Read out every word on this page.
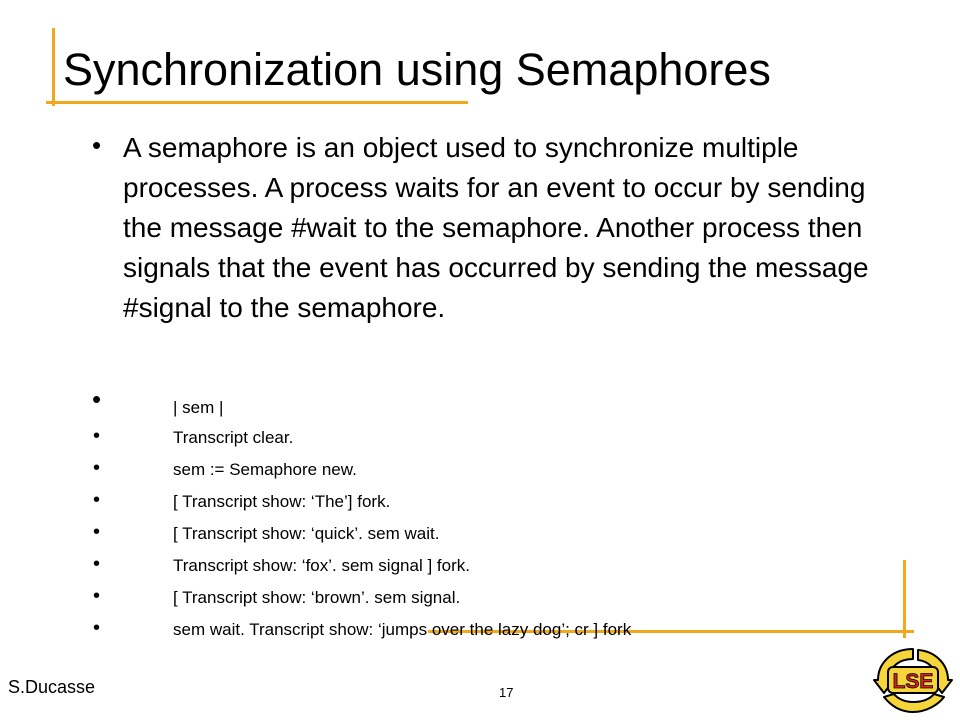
Synchronization using Semaphores
• A semaphore is an object used to synchronize multiple processes. A process waits for an event to occur by sending the message #wait to the semaphore. Another process then signals that the event has occurred by sending the message #signal to the semaphore.

•	| sem |
•	Transcript clear.
•	sem := Semaphore new.
•	[ Transcript show: ‘The’] fork.
•	[ Transcript show: ‘quick’. sem wait.
•	Transcript show: ‘fox’. sem signal ] fork.
•	[ Transcript show: ‘brown’. sem signal.
•	sem wait. Transcript show: ‘jumps over the lazy dog’; cr ] fork
S.Ducasse	17	LSE
